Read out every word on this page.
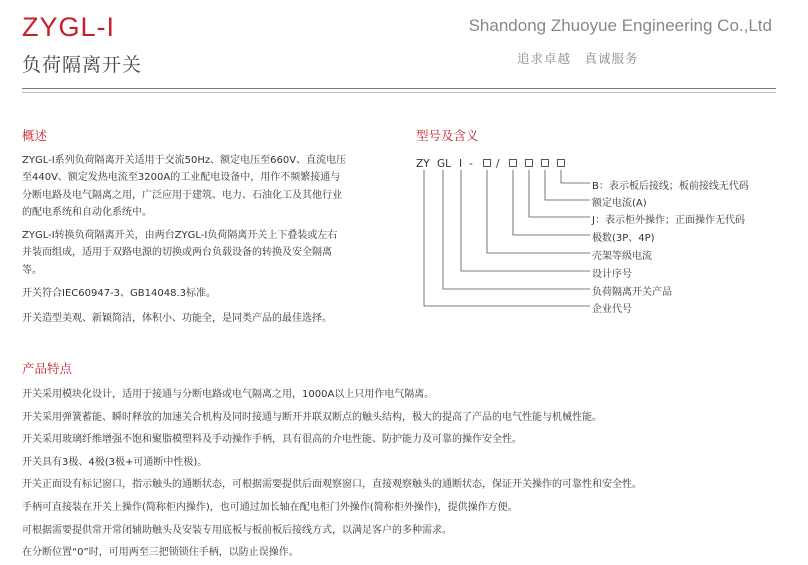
ZYGL-I
负荷隔离开关
Shandong Zhuoyue Engineering Co.,Ltd
追求卓越　真诚服务
概述
ZYGL-I系列负荷隔离开关适用于交流50Hz、额定电压至660V、直流电压
至440V、额定发热电流至3200A的工业配电设备中，用作不频繁接通与
分断电路及电气隔离之用，广泛应用于建筑、电力、石油化工及其他行业
的配电系统和自动化系统中。
ZYGL-I转换负荷隔离开关，由两台ZYGL-I负荷隔离开关上下叠装或左右
并装而组成，适用于双路电源的切换或两台负载设备的转换及安全隔离
等。
开关符合IEC60947-3、GB14048.3标准。
开关造型美观、新颖简洁，体积小、功能全，是同类产品的最佳选择。
型号及含义
ZY GL I - /
B：表示板后接线；板前接线无代码
额定电流(A)
J：表示柜外操作；正面操作无代码
极数(3P、4P)
壳架等级电流
设计序号
负荷隔离开关产品
企业代号
产品特点
开关采用模块化设计，适用于接通与分断电路或电气隔离之用，1000A以上只用作电气隔离。
开关采用弹簧蓄能、瞬时释放的加速关合机构及同时接通与断开并联双断点的触头结构，极大的提高了产品的电气性能与机械性能。
开关采用玻璃纤维增强不饱和聚脂模塑料及手动操作手柄，具有很高的介电性能、防护能力及可靠的操作安全性。
开关具有3极、4极(3极+可通断中性极)。
开关正面设有标记窗口，指示触头的通断状态，可根据需要提供后面观察窗口，直接观察触头的通断状态，保证开关操作的可靠性和安全性。
手柄可直接装在开关上操作(简称柜内操作)，也可通过加长轴在配电柜门外操作(简称柜外操作)，提供操作方便。
可根据需要提供常开常闭辅助触头及安装专用底板与板前板后接线方式，以满足客户的多种需求。
在分断位置“0”时，可用两至三把锁锁住手柄，以防止误操作。
